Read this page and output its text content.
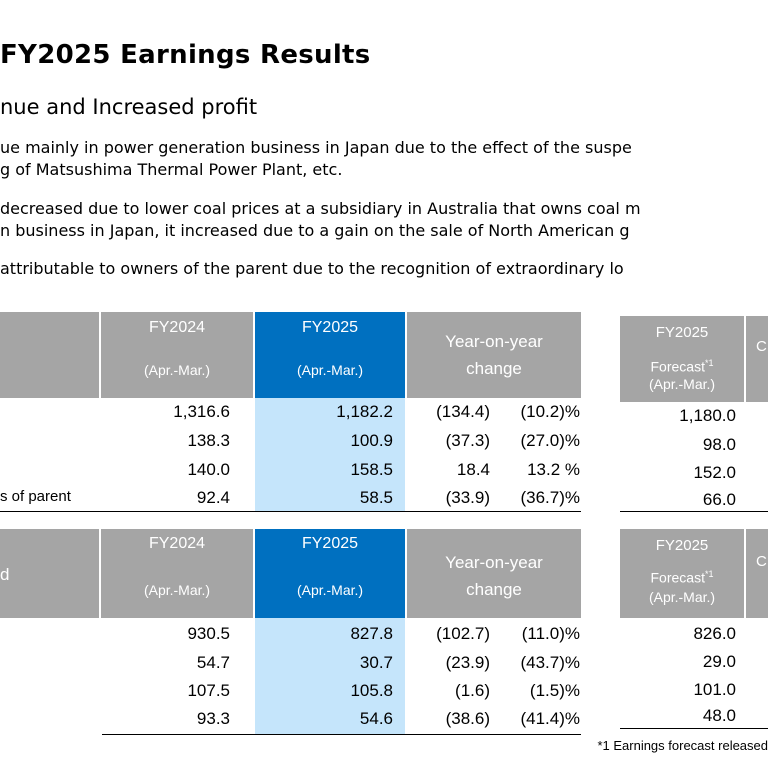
FY2025 Earnings Results
nue and Increased profit
ue mainly in power generation business in Japan due to the effect of the suspe
g of Matsushima Thermal Power Plant, etc.
decreased due to lower coal prices at a subsidiary in Australia that owns coal m
n business in Japan, it increased due to a gain on the sale of North American g
attributable to owners of the parent due to the recognition of extraordinary lo
FY2024
(Apr.-Mar.)
FY2025
(Apr.-Mar.)
Year-on-year
change
FY2025
Forecast$^{*1}$
(Apr.-Mar.)
C
1,316.6	1,182.2	(134.4)	(10.2)%	1,180.0
138.3	100.9	(37.3)	(27.0)%	98.0
140.0	158.5	18.4	13.2 %	152.0
s of parent	92.4	58.5	(33.9)	(36.7)%	66.0
d
FY2024
(Apr.-Mar.)
FY2025
(Apr.-Mar.)
Year-on-year
change
FY2025
Forecast$^{*1}$
(Apr.-Mar.)
C
930.5	827.8	(102.7)	(11.0)%	826.0
54.7	30.7	(23.9)	(43.7)%	29.0
107.5	105.8	(1.6)	(1.5)%	101.0
93.3	54.6	(38.6)	(41.4)%	48.0
*1 Earnings forecast released
